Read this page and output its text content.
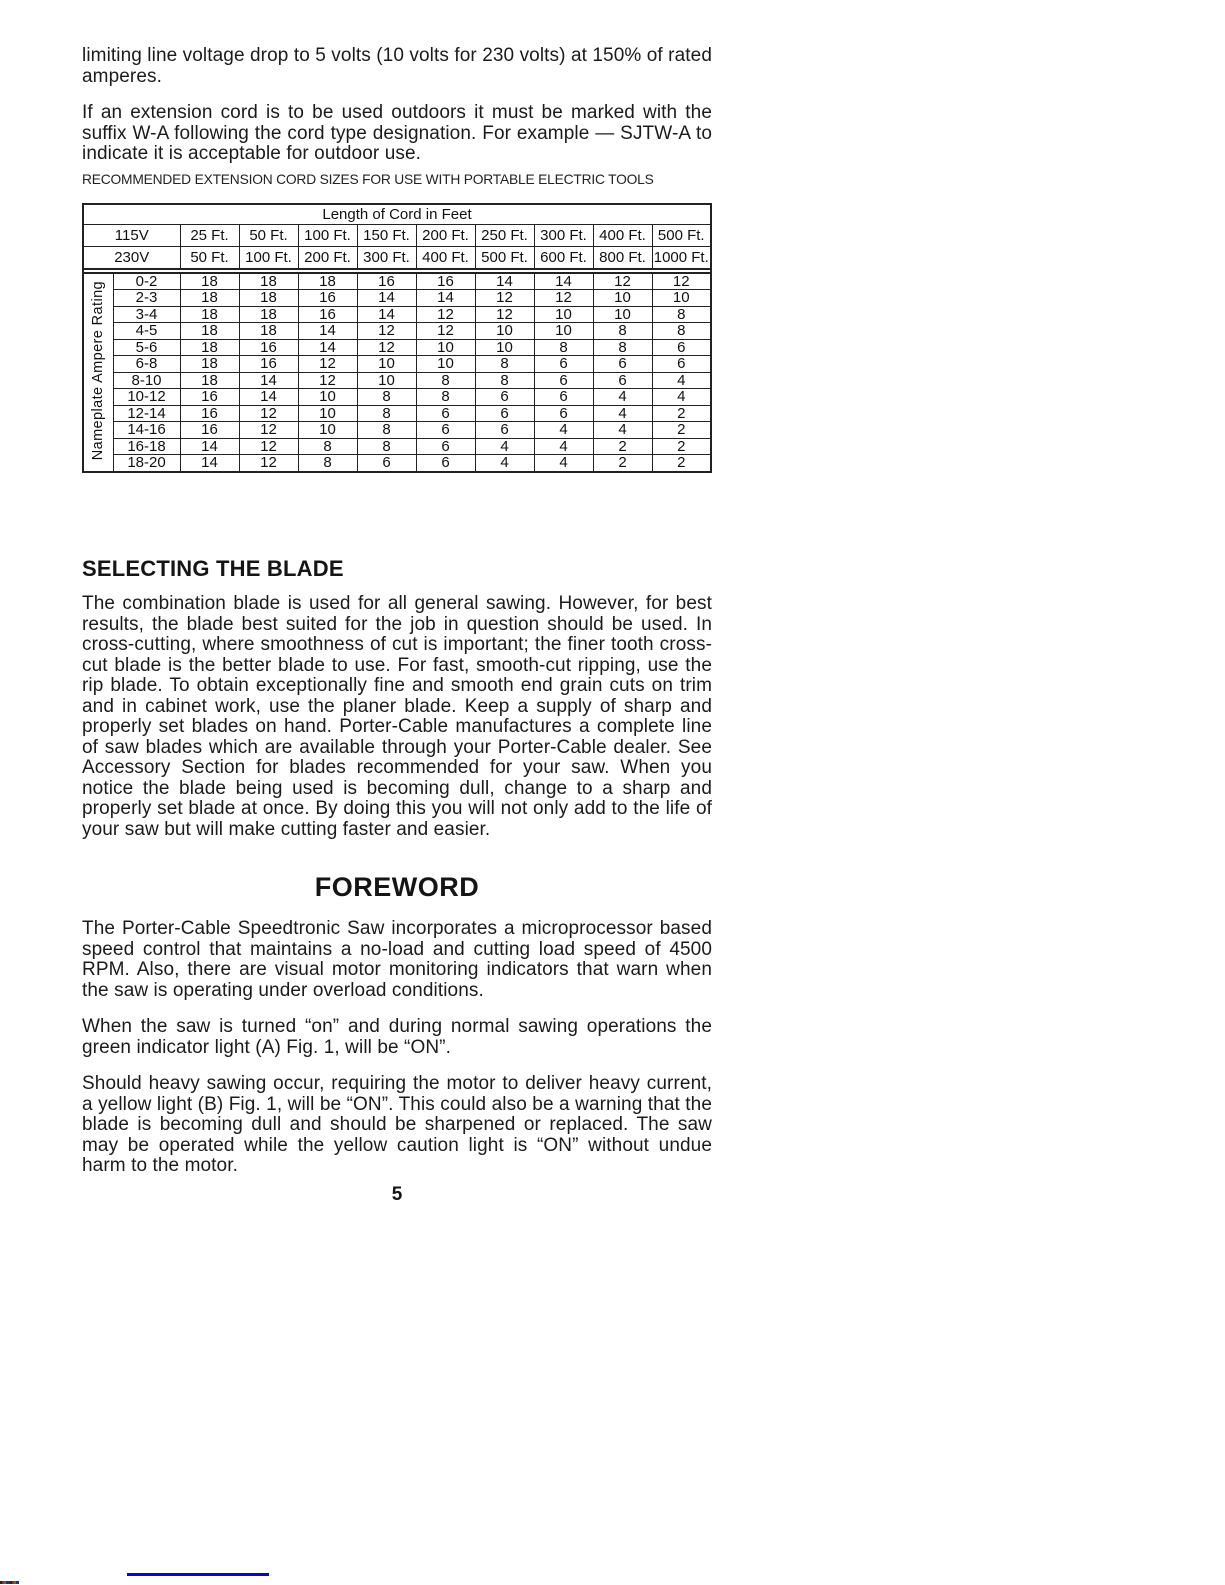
limiting line voltage drop to 5 volts (10 volts for 230 volts) at 150% of rated amperes.

If an extension cord is to be used outdoors it must be marked with the suffix W-A following the cord type designation. For example — SJTW-A to indicate it is acceptable for outdoor use.

RECOMMENDED EXTENSION CORD SIZES FOR USE WITH PORTABLE ELECTRIC TOOLS
Length of Cord in Feet										
115V		25 Ft.	50 Ft.	100 Ft.	150 Ft.	200 Ft.	250 Ft.	300 Ft.	400 Ft.	500 Ft.
230V		50 Ft.	100 Ft.	200 Ft.	300 Ft.	400 Ft.	500 Ft.	600 Ft.	800 Ft.	1000 Ft.

Nameplate Ampere Rating	0-2	18	18	18	16	16	14	14	12	12
	2-3	18	18	16	14	14	12	12	10	10
	3-4	18	18	16	14	12	12	10	10	8
	4-5	18	18	14	12	12	10	10	8	8
	5-6	18	16	14	12	10	10	8	8	6
	6-8	18	16	12	10	10	8	6	6	6
	8-10	18	14	12	10	8	8	6	6	4
	10-12	16	14	10	8	8	6	6	4	4
	12-14	16	12	10	8	6	6	6	4	2
	14-16	16	12	10	8	6	6	4	4	2
	16-18	14	12	8	8	6	4	4	2	2
	18-20	14	12	8	6	6	4	4	2	2
SELECTING THE BLADE

The combination blade is used for all general sawing. However, for best results, the blade best suited for the job in question should be used. In cross-cutting, where smoothness of cut is important; the finer tooth cross-cut blade is the better blade to use. For fast, smooth-cut ripping, use the rip blade. To obtain exceptionally fine and smooth end grain cuts on trim and in cabinet work, use the planer blade. Keep a supply of sharp and properly set blades on hand. Porter-Cable manufactures a complete line of saw blades which are available through your Porter-Cable dealer. See Accessory Section for blades recommended for your saw. When you notice the blade being used is becoming dull, change to a sharp and properly set blade at once. By doing this you will not only add to the life of your saw but will make cutting faster and easier.

FOREWORD

The Porter-Cable Speedtronic Saw incorporates a microprocessor based speed control that maintains a no-load and cutting load speed of 4500 RPM. Also, there are visual motor monitoring indicators that warn when the saw is operating under overload conditions.

When the saw is turned “on” and during normal sawing operations the green indicator light (A) Fig. 1, will be “ON”.

Should heavy sawing occur, requiring the motor to deliver heavy current, a yellow light (B) Fig. 1, will be “ON”. This could also be a warning that the blade is becoming dull and should be sharpened or replaced. The saw may be operated while the yellow caution light is “ON” without undue harm to the motor.

5
